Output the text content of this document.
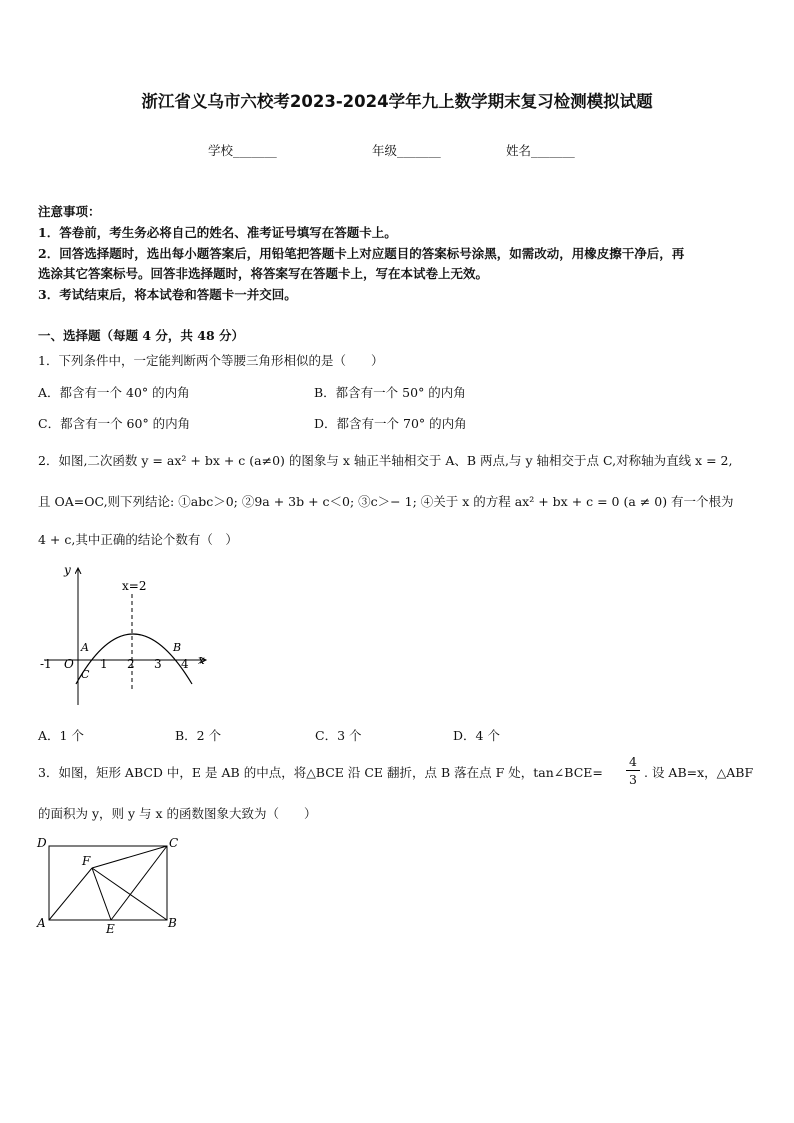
浙江省义乌市六校考2023-2024学年九上数学期末复习检测模拟试题
学校_______	年级_______	姓名_______
注意事项：
1．答卷前，考生务必将自己的姓名、准考证号填写在答题卡上。
2．回答选择题时，选出每小题答案后，用铅笔把答题卡上对应题目的答案标号涂黑，如需改动，用橡皮擦干净后，再
选涂其它答案标号。回答非选择题时，将答案写在答题卡上，写在本试卷上无效。
3．考试结束后，将本试卷和答题卡一并交回。
一、选择题（每题 4 分，共 48 分）
1．下列条件中，一定能判断两个等腰三角形相似的是（　　）
A．都含有一个 40° 的内角	B．都含有一个 50° 的内角
C．都含有一个 60° 的内角	D．都含有一个 70° 的内角
2．如图,二次函数 y = ax² + bx + c (a≠0) 的图象与 x 轴正半轴相交于 A、B 两点,与 y 轴相交于点 C,对称轴为直线 x = 2,
且 OA=OC,则下列结论: ①abc＞0; ②9a + 3b + c＜0; ③c＞− 1; ④关于 x 的方程 ax² + bx + c = 0 (a ≠ 0) 有一个根为
4 + c,其中正确的结论个数有（　）
y
x
x=2
-1 O 1 2 3 4
A	B
C
A．1 个	B．2 个	C．3 个	D．4 个
3．如图，矩形 ABCD 中，E 是 AB 的中点，将△BCE 沿 CE 翻折，点 B 落在点 F 处，tan∠BCE=
4
3 . 设 AB=x，△ABF
的面积为 y，则 y 与 x 的函数图象大致为（　　）
D	C
F
A	E	B
